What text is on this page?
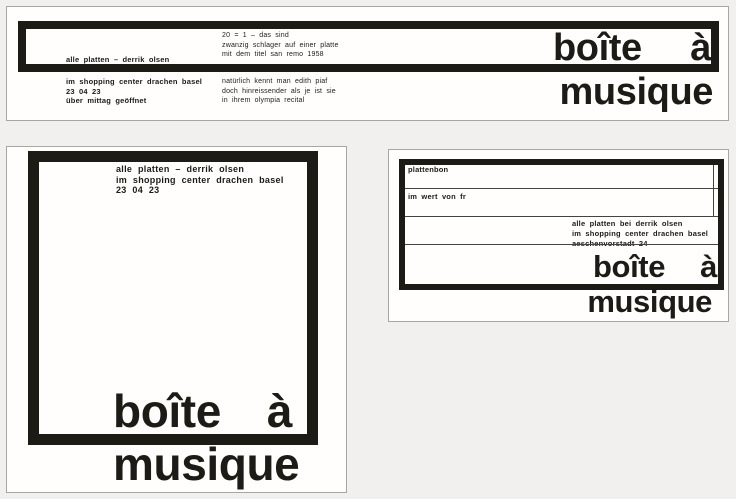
alle platten – derrik olsen
20 = 1 – das sind
zwanzig schlager auf einer platte
mit dem titel san remo 1958
im shopping center drachen basel
23 04 23
über mittag geöffnet
natürlich kennt man edith piaf
doch hinreissender als je ist sie
in ihrem olympia recital
boîte à
musique
alle platten – derrik olsen
im shopping center drachen basel
23 04 23
boîte à
musique
plattenbon
im wert von fr
alle platten bei derrik olsen
im shopping center drachen basel
boîte à
musique
